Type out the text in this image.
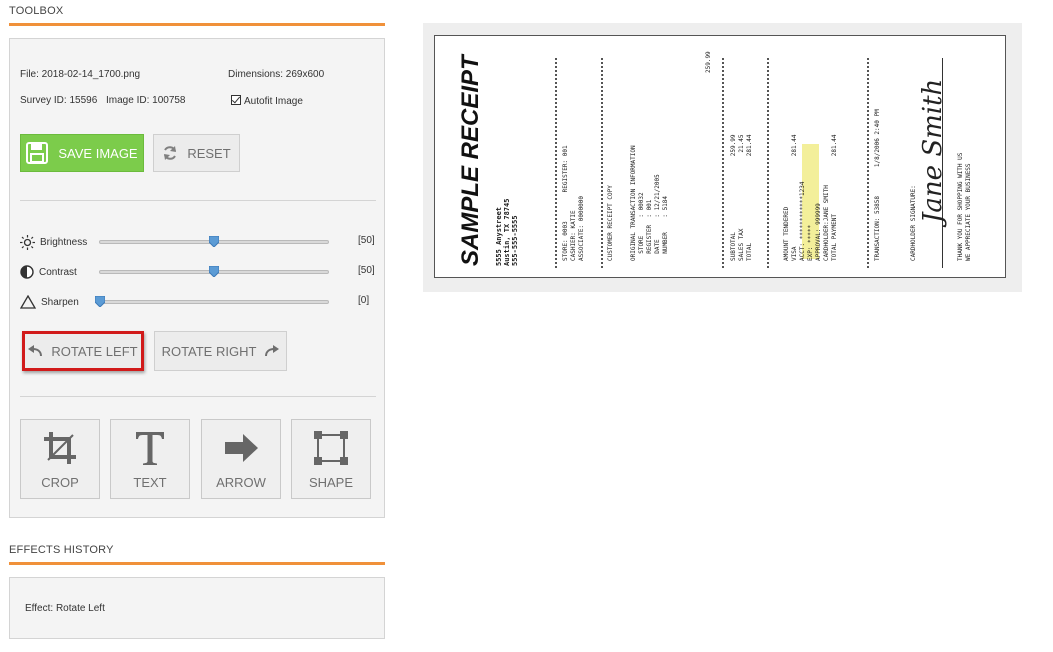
TOOLBOX
File: 2018-02-14_1700.png	Dimensions: 269x600
Survey ID: 15596 Image ID: 100758	Autofit Image
SAVE IMAGE	RESET
Brightness	[50]
Contrast	[50]
Sharpen	[0]
ROTATE LEFT ROTATE RIGHT
CROP	TEXT	ARROW	SHAPE
EFFECTS HISTORY
Effect: Rotate Left
SAMPLE RECEIPT 5555 Anystreet
Austin, TX 78745
555-555-5555	STORE: 0003        REGISTER: 001
CASHIER: KATIE
ASSOCIATE: 0000000	CUSTOMER RECEIPT COPY	ORIGINAL TRANSACTION INFORMATION
STORE     : 00032
REGISTER  : 001
DATE      : 12/21/2005
NUMBER    : 5184
259.99
SUBTOTAL                     259.99
SALES TAX                     21.45
TOTAL                        281.44
AMOUNT TENDERED
VISA                         281.44
ACCT: ************1234
EXP: *****
APPROVAL: 999999
CARDHOLDER:JANE SMITH
TOTAL PAYMENT                281.44	TRANSACTION: 53858        1/8/2006 2:40 PM	CARDHOLDER SIGNATURE: Jane Smith
THANK YOU FOR SHOPPING WITH US
WE APPRECIATE YOUR BUSINESS
